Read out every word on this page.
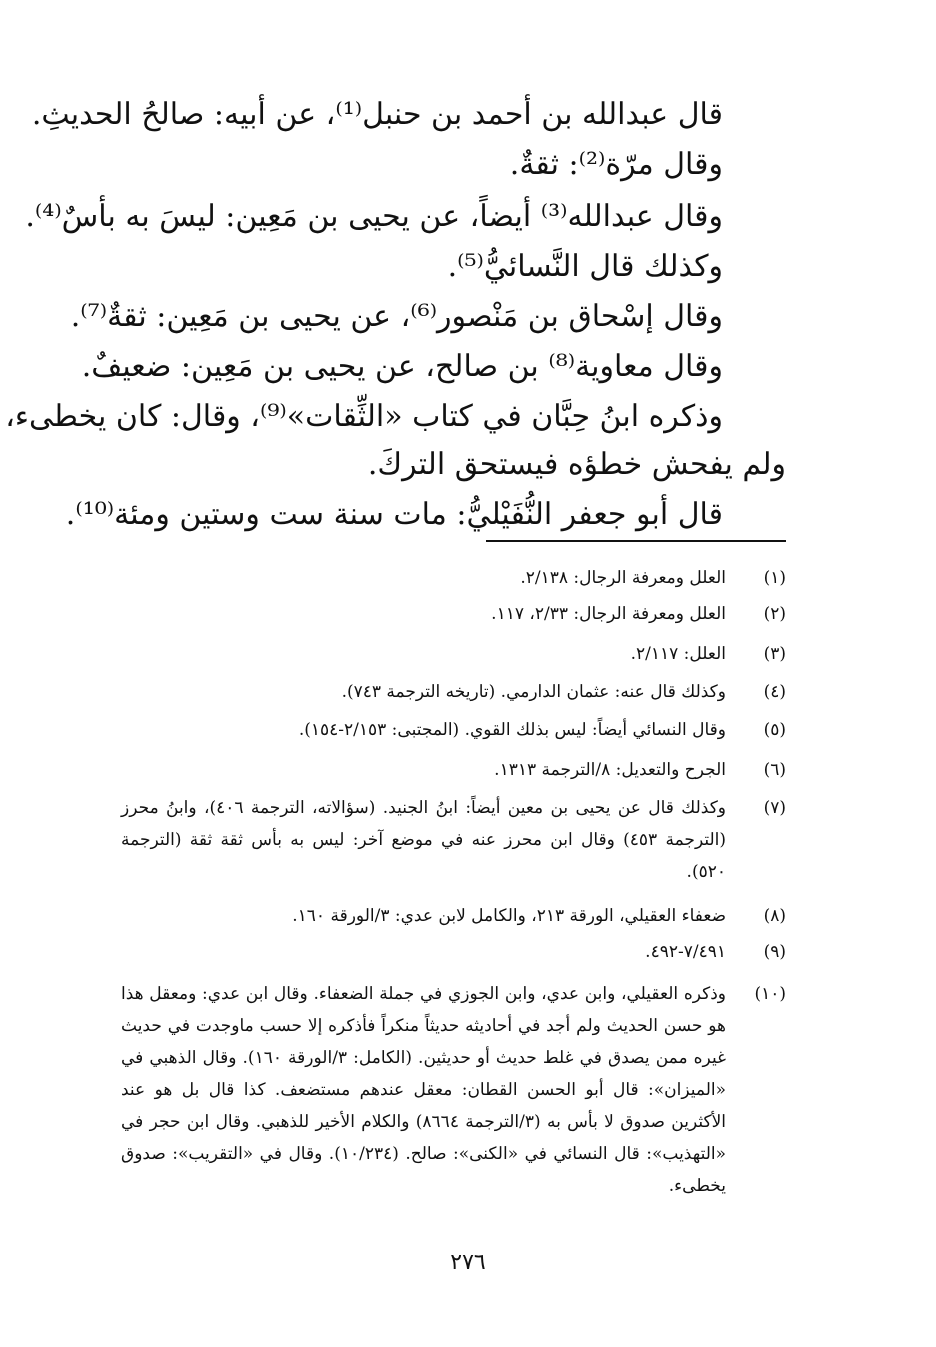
قال عبدالله بن أحمد بن حنبل⁽¹⁾، عن أبيه: صالحُ الحديثِ.
وقال مرّة⁽²⁾: ثقةٌ.
وقال عبدالله⁽³⁾ أيضاً، عن يحيى بن مَعِين: ليسَ به بأسٌ⁽⁴⁾.
وكذلك قال النَّسائيُّ⁽⁵⁾.
وقال إسْحاق بن مَنْصور⁽⁶⁾، عن يحيى بن مَعِين: ثقةٌ⁽⁷⁾.
وقال معاوية⁽⁸⁾ بن صالح، عن يحيى بن مَعِين: ضعيفٌ.
وذكره ابنُ حِبَّان في كتاب «الثِّقات»⁽⁹⁾، وقال: كان يخطىء،
ولم يفحش خطؤه فيستحق التركَ.
قال أبو جعفر النُّفَيْليُّ: مات سنة ست وستين ومئة⁽¹⁰⁾.
(١)
العلل ومعرفة الرجال: ٢/١٣٨.
(٢)
العلل ومعرفة الرجال: ٢/٣٣، ١١٧.
(٣)
العلل: ٢/١١٧.
(٤)
وكذلك قال عنه: عثمان الدارمي. (تاريخه الترجمة ٧٤٣).
(٥)
وقال النسائي أيضاً: ليس بذلك القوي. (المجتبى: ٢/١٥٣-١٥٤).
(٦)
الجرح والتعديل: ٨/الترجمة ١٣١٣.
(٧)
وكذلك قال عن يحيى بن معين أيضاً: ابنُ الجنيد. (سؤالاته، الترجمة ٤٠٦)، وابنُ محرز (الترجمة ٤٥٣) وقال ابن محرز عنه في موضع آخر: ليس به بأس ثقة ثقة (الترجمة ٥٢٠).
(٨)
ضعفاء العقيلي، الورقة ٢١٣، والكامل لابن عدي: ٣/الورقة ١٦٠.
(٩)
٧/٤٩١-٤٩٢.
(١٠)
وذكره العقيلي، وابن عدي، وابن الجوزي في جملة الضعفاء. وقال ابن عدي: ومعقل هذا هو حسن الحديث ولم أجد في أحاديثه حديثاً منكراً فأذكره إلا حسب ماوجدت في حديث غيره ممن يصدق في غلط حديث أو حديثين. (الكامل: ٣/الورقة ١٦٠). وقال الذهبي في «الميزان»: قال أبو الحسن القطان: معقل عندهم مستضعف. كذا قال بل هو عند الأكثرين صدوق لا بأس به (٣/الترجمة ٨٦٦٤) والكلام الأخير للذهبي. وقال ابن حجر في «التهذيب»: قال النسائي في «الكنى»: صالح. (١٠/٢٣٤). وقال في «التقريب»: صدوق يخطىء.
٢٧٦
